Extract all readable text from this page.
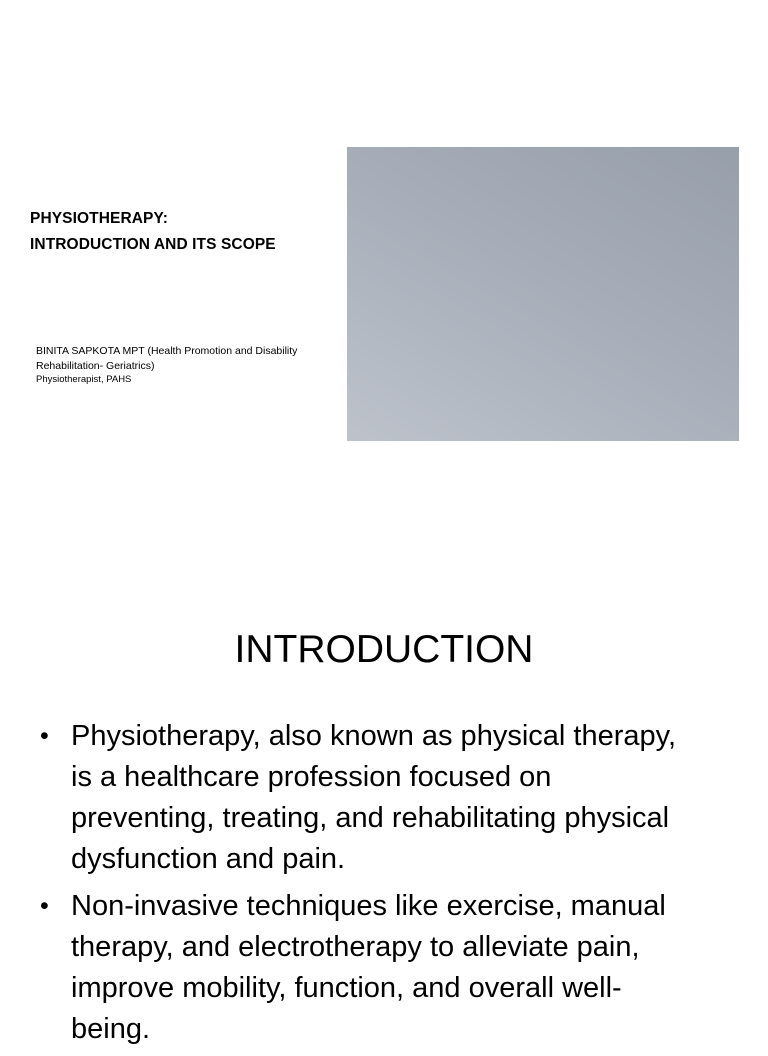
PHYSIOTHERAPY:
INTRODUCTION AND ITS SCOPE
BINITA SAPKOTA MPT (Health Promotion and Disability
Rehabilitation- Geriatrics)
Physiotherapist, PAHS
INTRODUCTION
• Physiotherapy, also known as physical therapy,
is a healthcare profession focused on
preventing, treating, and rehabilitating physical
dysfunction and pain.
• Non-invasive techniques like exercise, manual
therapy, and electrotherapy to alleviate pain,
improve mobility, function, and overall well-
being.
